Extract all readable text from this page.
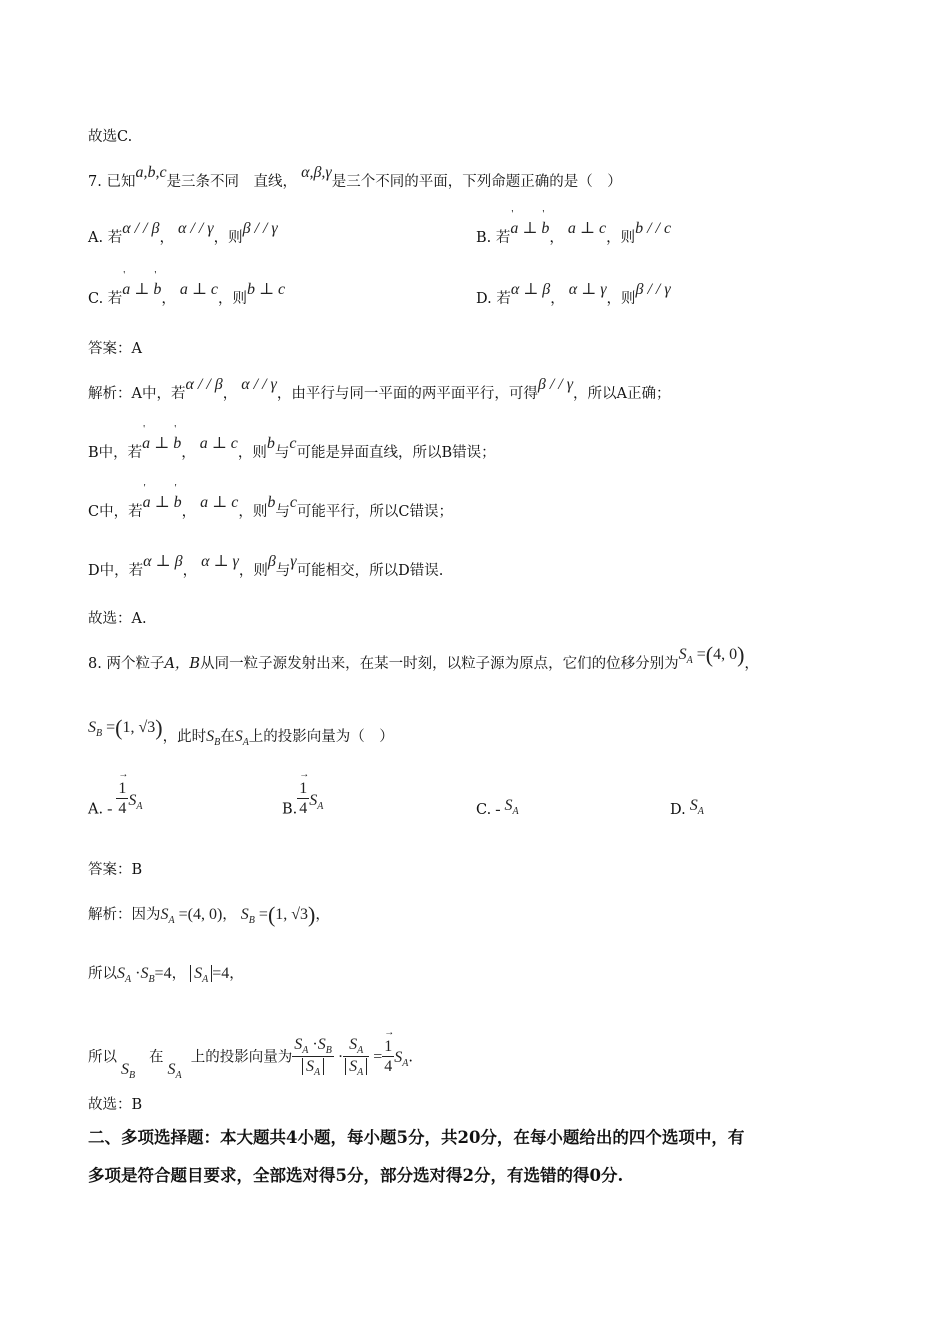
故选C.
7. 已知a,b,c是三条不同　直线， α,β,γ是三个不同的平面，下列命题正确的是（　）
A. 若α / / β， α / / γ，则β / / γ
B. 若' a ⊥ ' b， a ⊥ c，则b / / c
C. 若' a ⊥ ' b， a ⊥ c，则b ⊥ c
D. 若α ⊥ β， α ⊥ γ，则β / / γ
答案：A
解析：A中，若α / / β， α / / γ，由平行与同一平面的两平面平行，可得β / / γ，所以A正确；
B中，若' a ⊥ ' b， a ⊥ c，则b与c可能是异面直线，所以B错误；
C中，若' a ⊥ ' b， a ⊥ c，则b与c可能平行，所以C错误；
D中，若α ⊥ β， α ⊥ γ，则β与γ可能相交，所以D错误.
故选：A.
8. 两个粒子A，B从同一粒子源发射出来，在某一时刻，以粒子源为原点，它们的位移分别为$S_A =(4$, 0)，
$S_B =(1$, √3)，此时$S_B$在$S_A$上的投影向量为（　）
A. - → $\frac{1}{4} S_A$	B. → $\frac{1}{4} S_A$	C. - $S_A$	D. $S_A$
答案：B
解析：因为$S_A =(4$, 0)， $S_B =(1$, √3)，
所以$S_A \cdot S_B=4$， $S_A =4$，
所以 $S_B$   在 $S_A$  上的投影向量为 $\frac{S_A \cdot S_B}{S_A} \cdot \frac{S_A}{S_A}$ = → $\frac{1}{4} S_A$.
故选：B
二、多项选择题：本大题共4小题，每小题5分，共20分，在每小题给出的四个选项中，有
多项是符合题目要求，全部选对得5分，部分选对得2分，有选错的得0分.
